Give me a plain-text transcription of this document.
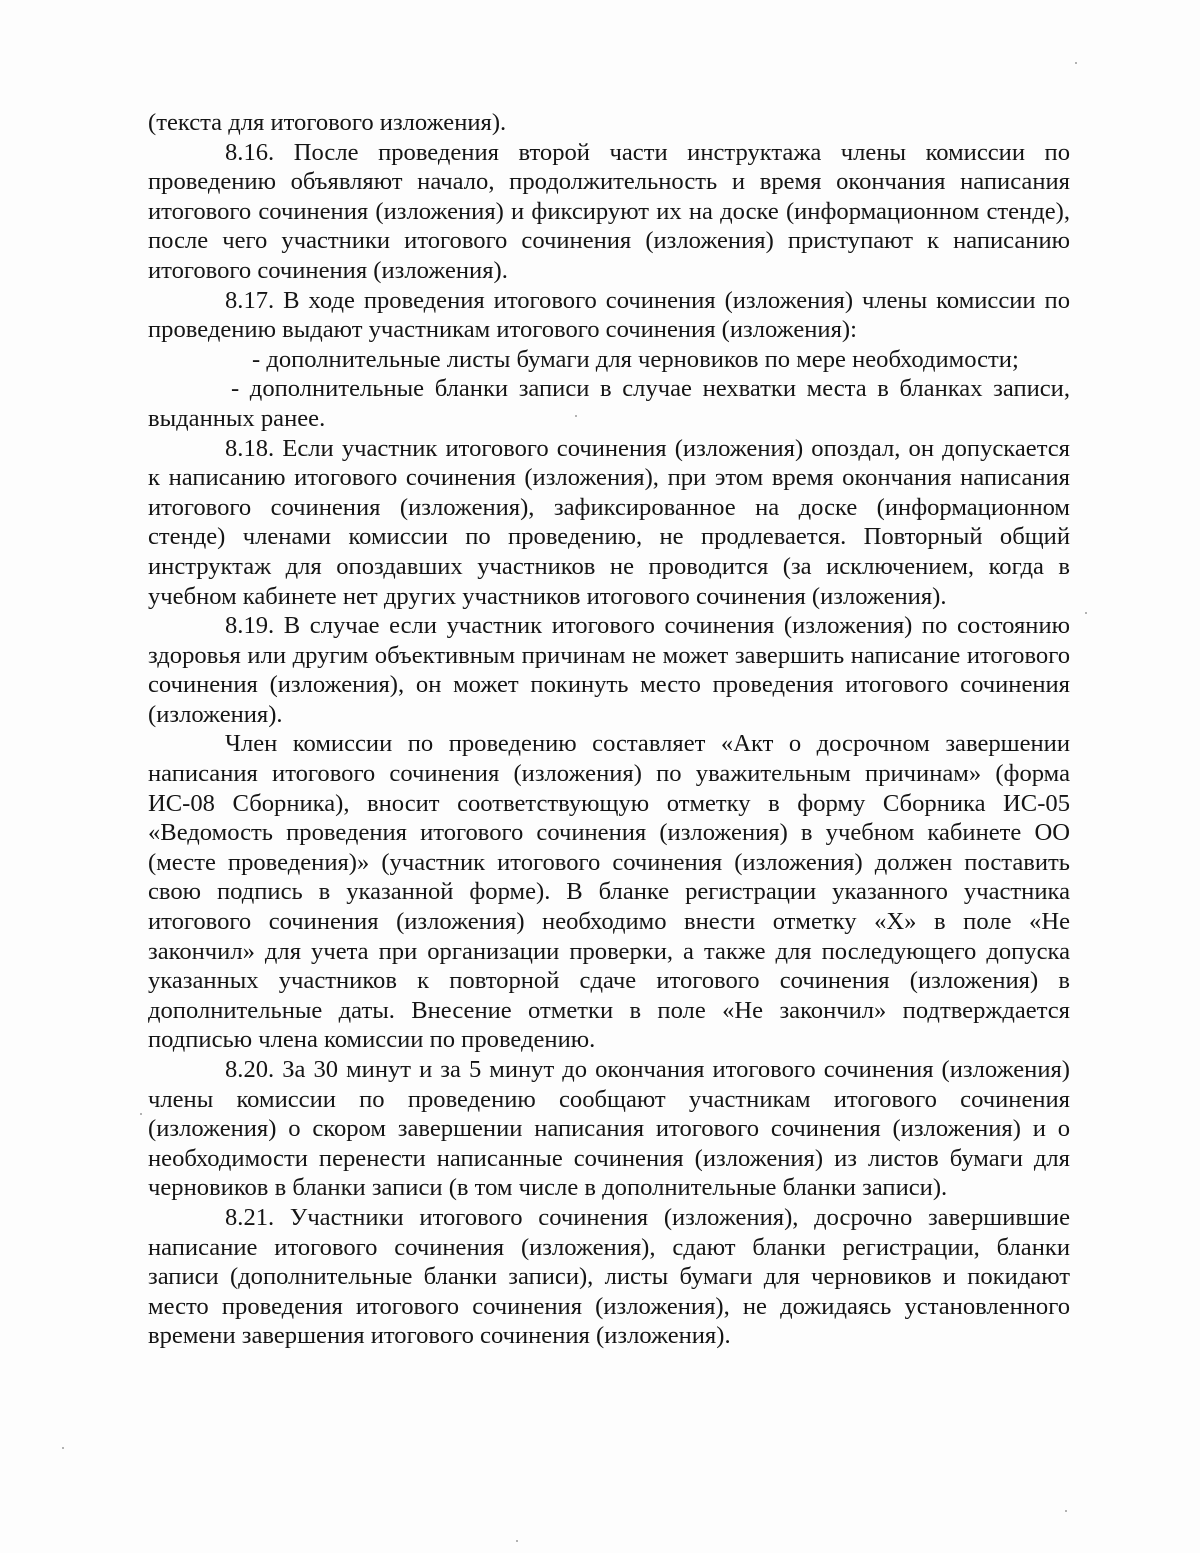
(текста для итогового изложения).

8.16. После проведения второй части инструктажа члены комиссии по проведению объявляют начало, продолжительность и время окончания написания итогового сочинения (изложения) и фиксируют их на доске (информационном стенде), после чего участники итогового сочинения (изложения) приступают к написанию итогового сочинения (изложения).

8.17. В ходе проведения итогового сочинения (изложения) члены комиссии по проведению выдают участникам итогового сочинения (изложения):

- дополнительные листы бумаги для черновиков по мере необходимости;

- дополнительные бланки записи в случае нехватки места в бланках записи, выданных ранее.

8.18. Если участник итогового сочинения (изложения) опоздал, он допускается к написанию итогового сочинения (изложения), при этом время окончания написания итогового сочинения (изложения), зафиксированное на доске (информационном стенде) членами комиссии по проведению, не продлевается. Повторный общий инструктаж для опоздавших участников не проводится (за исключением, когда в учебном кабинете нет других участников итогового сочинения (изложения).

8.19. В случае если участник итогового сочинения (изложения) по состоянию здоровья или другим объективным причинам не может завершить написание итогового сочинения (изложения), он может покинуть место проведения итогового сочинения (изложения).

Член комиссии по проведению составляет «Акт о досрочном завершении написания итогового сочинения (изложения) по уважительным причинам» (форма ИС-08 Сборника), вносит соответствующую отметку в форму Сборника ИС-05 «Ведомость проведения итогового сочинения (изложения) в учебном кабинете ОО (месте проведения)» (участник итогового сочинения (изложения) должен поставить свою подпись в указанной форме). В бланке регистрации указанного участника итогового сочинения (изложения) необходимо внести отметку «X» в поле «Не закончил» для учета при организации проверки, а также для последующего допуска указанных участников к повторной сдаче итогового сочинения (изложения) в дополнительные даты. Внесение отметки в поле «Не закончил» подтверждается подписью члена комиссии по проведению.

8.20. За 30 минут и за 5 минут до окончания итогового сочинения (изложения) члены комиссии по проведению сообщают участникам итогового сочинения (изложения) о скором завершении написания итогового сочинения (изложения) и о необходимости перенести написанные сочинения (изложения) из листов бумаги для черновиков в бланки записи (в том числе в дополнительные бланки записи).

8.21. Участники итогового сочинения (изложения), досрочно завершившие написание итогового сочинения (изложения), сдают бланки регистрации, бланки записи (дополнительные бланки записи), листы бумаги для черновиков и покидают место проведения итогового сочинения (изложения), не дожидаясь установленного времени завершения итогового сочинения (изложения).
